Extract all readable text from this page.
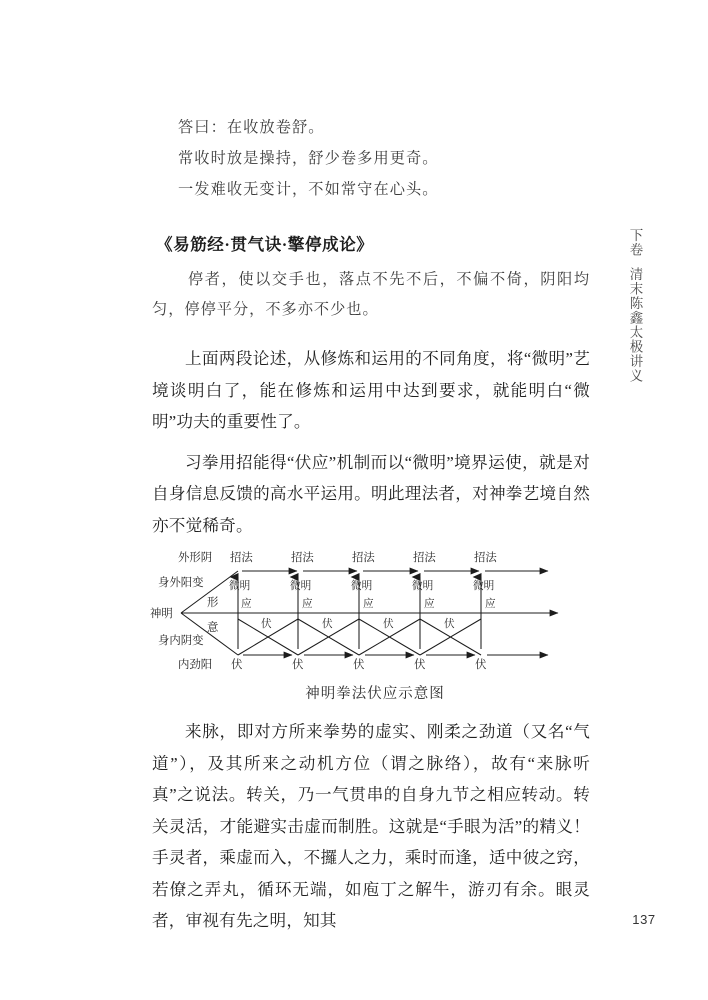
答曰：在收放卷舒。
常收时放是操持，舒少卷多用更奇。
一发难收无变计，不如常守在心头。
《易筋经·贯气诀·擎停成论》
停者，使以交手也，落点不先不后，不偏不倚，阴阳均匀，停停平分，不多亦不少也。
上面两段论述，从修炼和运用的不同角度，将“微明”艺境谈明白了，能在修炼和运用中达到要求，就能明白“微明”功夫的重要性了。
习拳用招能得“伏应”机制而以“微明”境界运使，就是对自身信息反馈的高水平运用。明此理法者，对神拳艺境自然亦不觉稀奇。
神明
外形阴
内劲阳
身外阳变
身内阴变
形
意
招法	招法	招法	招法	招法
微明	微明	微明	微明	微明
应	应	应	应	应
伏	伏	伏	伏
伏	伏	伏	伏	伏
神明拳法伏应示意图
来脉，即对方所来拳势的虚实、刚柔之劲道（又名“气道”），及其所来之动机方位（谓之脉络），故有“来脉听真”之说法。转关，乃一气贯串的自身九节之相应转动。转关灵活，才能避实击虚而制胜。这就是“手眼为活”的精义！手灵者，乘虚而入，不攞人之力，乘时而逢，适中彼之窍，若僚之弄丸，循环无端，如庖丁之解牛，游刃有余。眼灵者，审视有先之明，知其
下卷
清末陈鑫太极讲义
137
